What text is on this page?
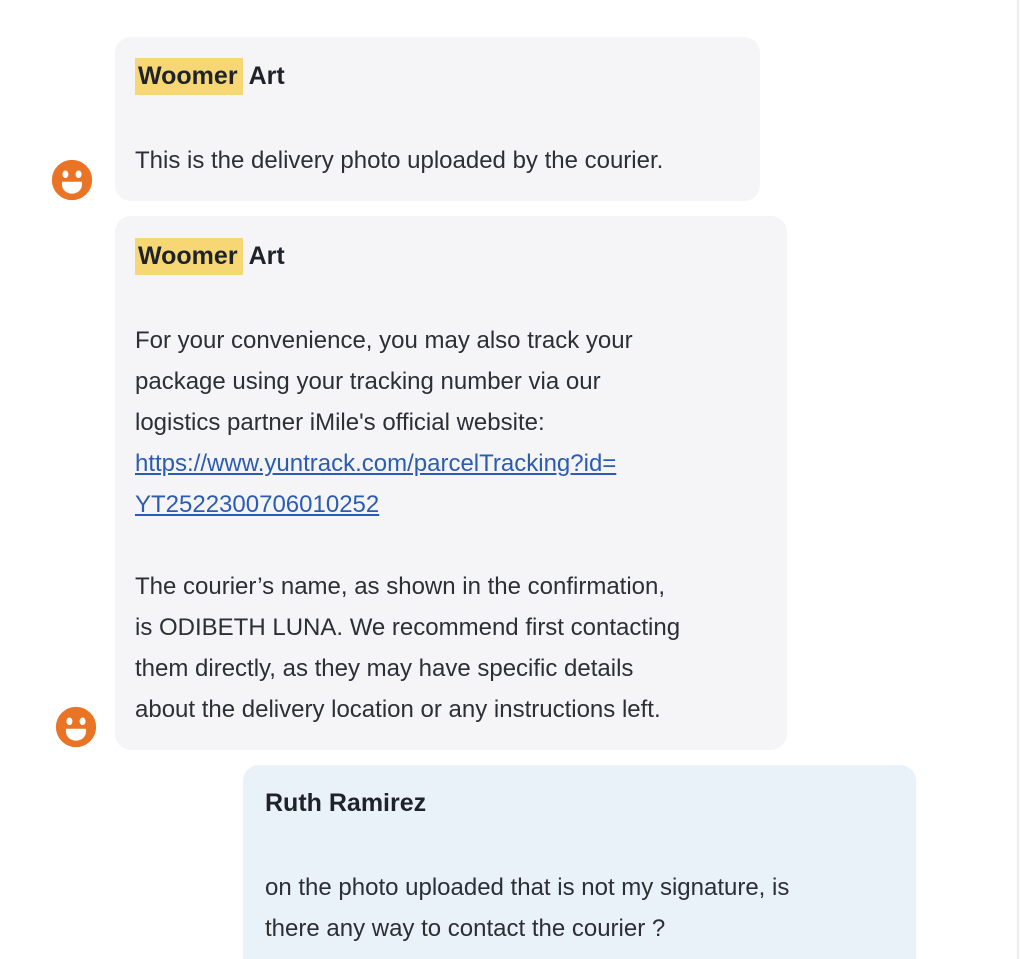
Woomer Art
This is the delivery photo uploaded by the courier.
Woomer Art
For your convenience, you may also track your
package using your tracking number via our
logistics partner iMile's official website:
https://www.yuntrack.com/parcelTracking?id=
YT2522300706010252
The courier’s name, as shown in the confirmation,
is ODIBETH LUNA. We recommend first contacting
them directly, as they may have specific details
about the delivery location or any instructions left.
Ruth Ramirez
on the photo uploaded that is not my signature, is
there any way to contact the courier ?
